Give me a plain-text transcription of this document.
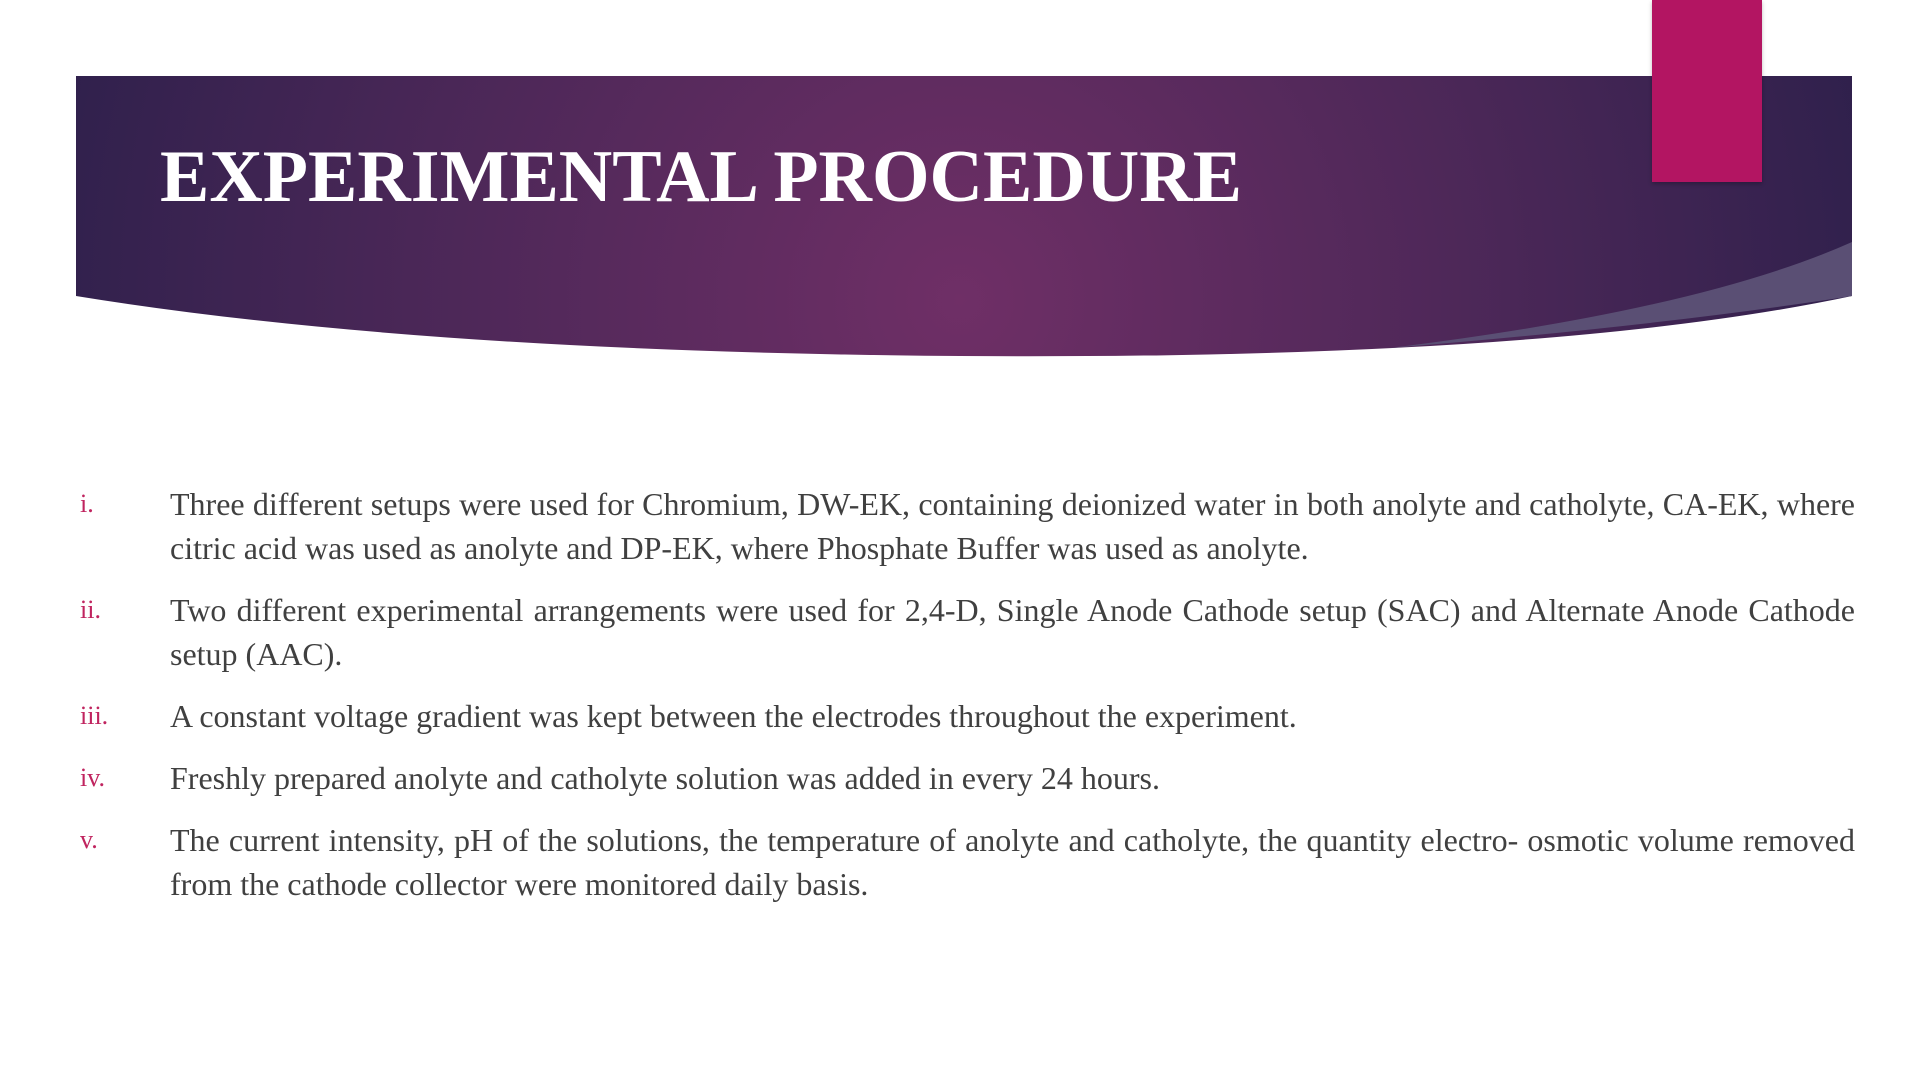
EXPERIMENTAL PROCEDURE
i.	Three different setups were used for Chromium, DW-EK, containing deionized water in both anolyte and catholyte, CA-EK, where citric acid was used as anolyte and DP-EK, where Phosphate Buffer was used as anolyte.
ii.	Two different experimental arrangements were used for 2,4-D, Single Anode Cathode setup (SAC) and Alternate Anode Cathode setup (AAC).
iii.	A constant voltage gradient was kept between the electrodes throughout the experiment.
iv.	Freshly prepared anolyte and catholyte solution was added in every 24 hours.
v.	The current intensity, pH of the solutions, the temperature of anolyte and catholyte, the quantity electro- osmotic volume removed from the cathode collector were monitored daily basis.
